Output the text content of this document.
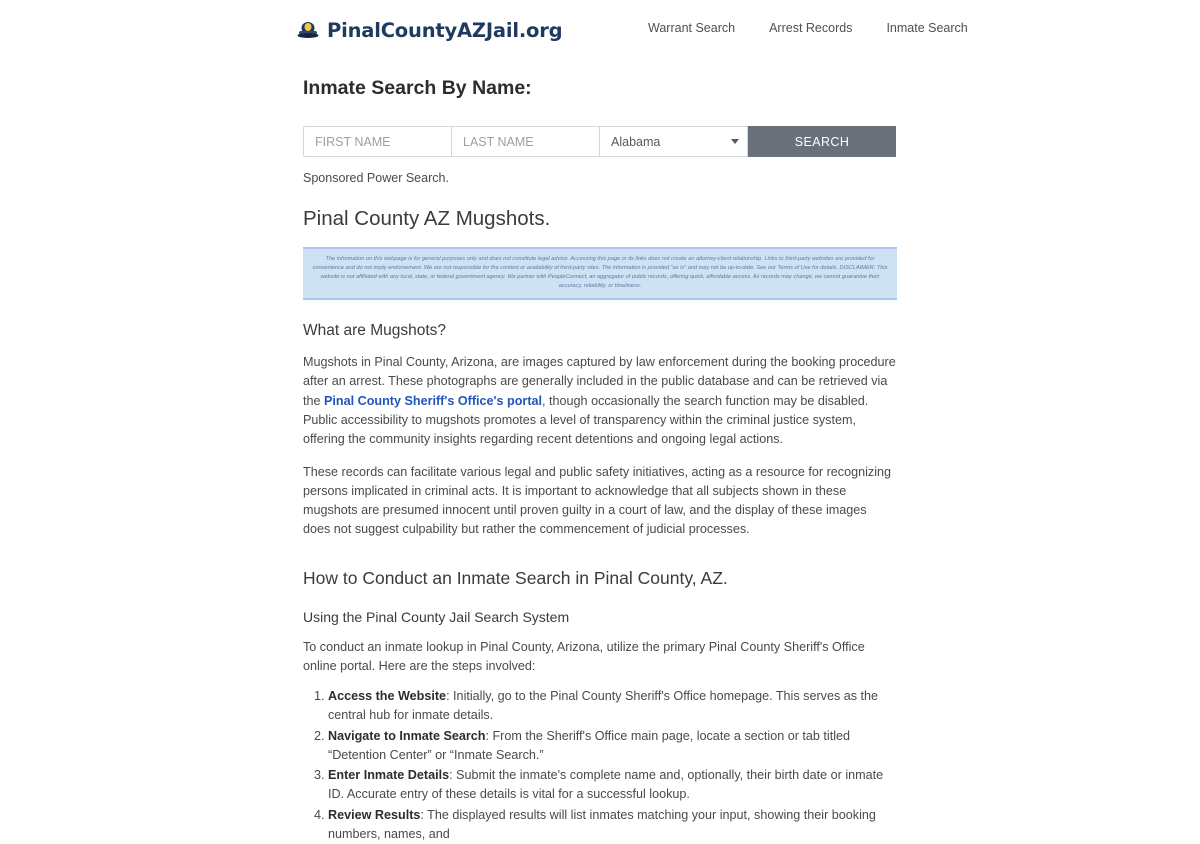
PinalCountyAZJail.org	Warrant Search	Arrest Records	Inmate Search
Inmate Search By Name:
FIRST NAME
LAST NAME
Alabama
SEARCH
Sponsored Power Search.
Pinal County AZ Mugshots.
The information on this webpage is for general purposes only and does not constitute legal advice. Accessing this page or its links does not create an attorney-client relationship. Links to third-party websites are provided for convenience and do not imply endorsement. We are not responsible for the content or availability of third-party sites. The information is provided "as is" and may not be up-to-date. See our Terms of Use for details. DISCLAIMER: This website is not affiliated with any local, state, or federal government agency. We partner with PeopleConnect, an aggregator of public records, offering quick, affordable access. As records may change, we cannot guarantee their accuracy, reliability, or timeliness.
What are Mugshots?

Mugshots in Pinal County, Arizona, are images captured by law enforcement during the booking procedure after an arrest. These photographs are generally included in the public database and can be retrieved via the Pinal County Sheriff's Office's portal, though occasionally the search function may be disabled. Public accessibility to mugshots promotes a level of transparency within the criminal justice system, offering the community insights regarding recent detentions and ongoing legal actions.

These records can facilitate various legal and public safety initiatives, acting as a resource for recognizing persons implicated in criminal acts. It is important to acknowledge that all subjects shown in these mugshots are presumed innocent until proven guilty in a court of law, and the display of these images does not suggest culpability but rather the commencement of judicial processes.

How to Conduct an Inmate Search in Pinal County, AZ.
Using the Pinal County Jail Search System

To conduct an inmate lookup in Pinal County, Arizona, utilize the primary Pinal County Sheriff's Office online portal. Here are the steps involved:

1. Access the Website: Initially, go to the Pinal County Sheriff's Office homepage. This serves as the central hub for inmate details.
2. Navigate to Inmate Search: From the Sheriff's Office main page, locate a section or tab titled “Detention Center” or “Inmate Search.”
3. Enter Inmate Details: Submit the inmate's complete name and, optionally, their birth date or inmate ID. Accurate entry of these details is vital for a successful lookup.
4. Review Results: The displayed results will list inmates matching your input, showing their booking numbers, names, and
